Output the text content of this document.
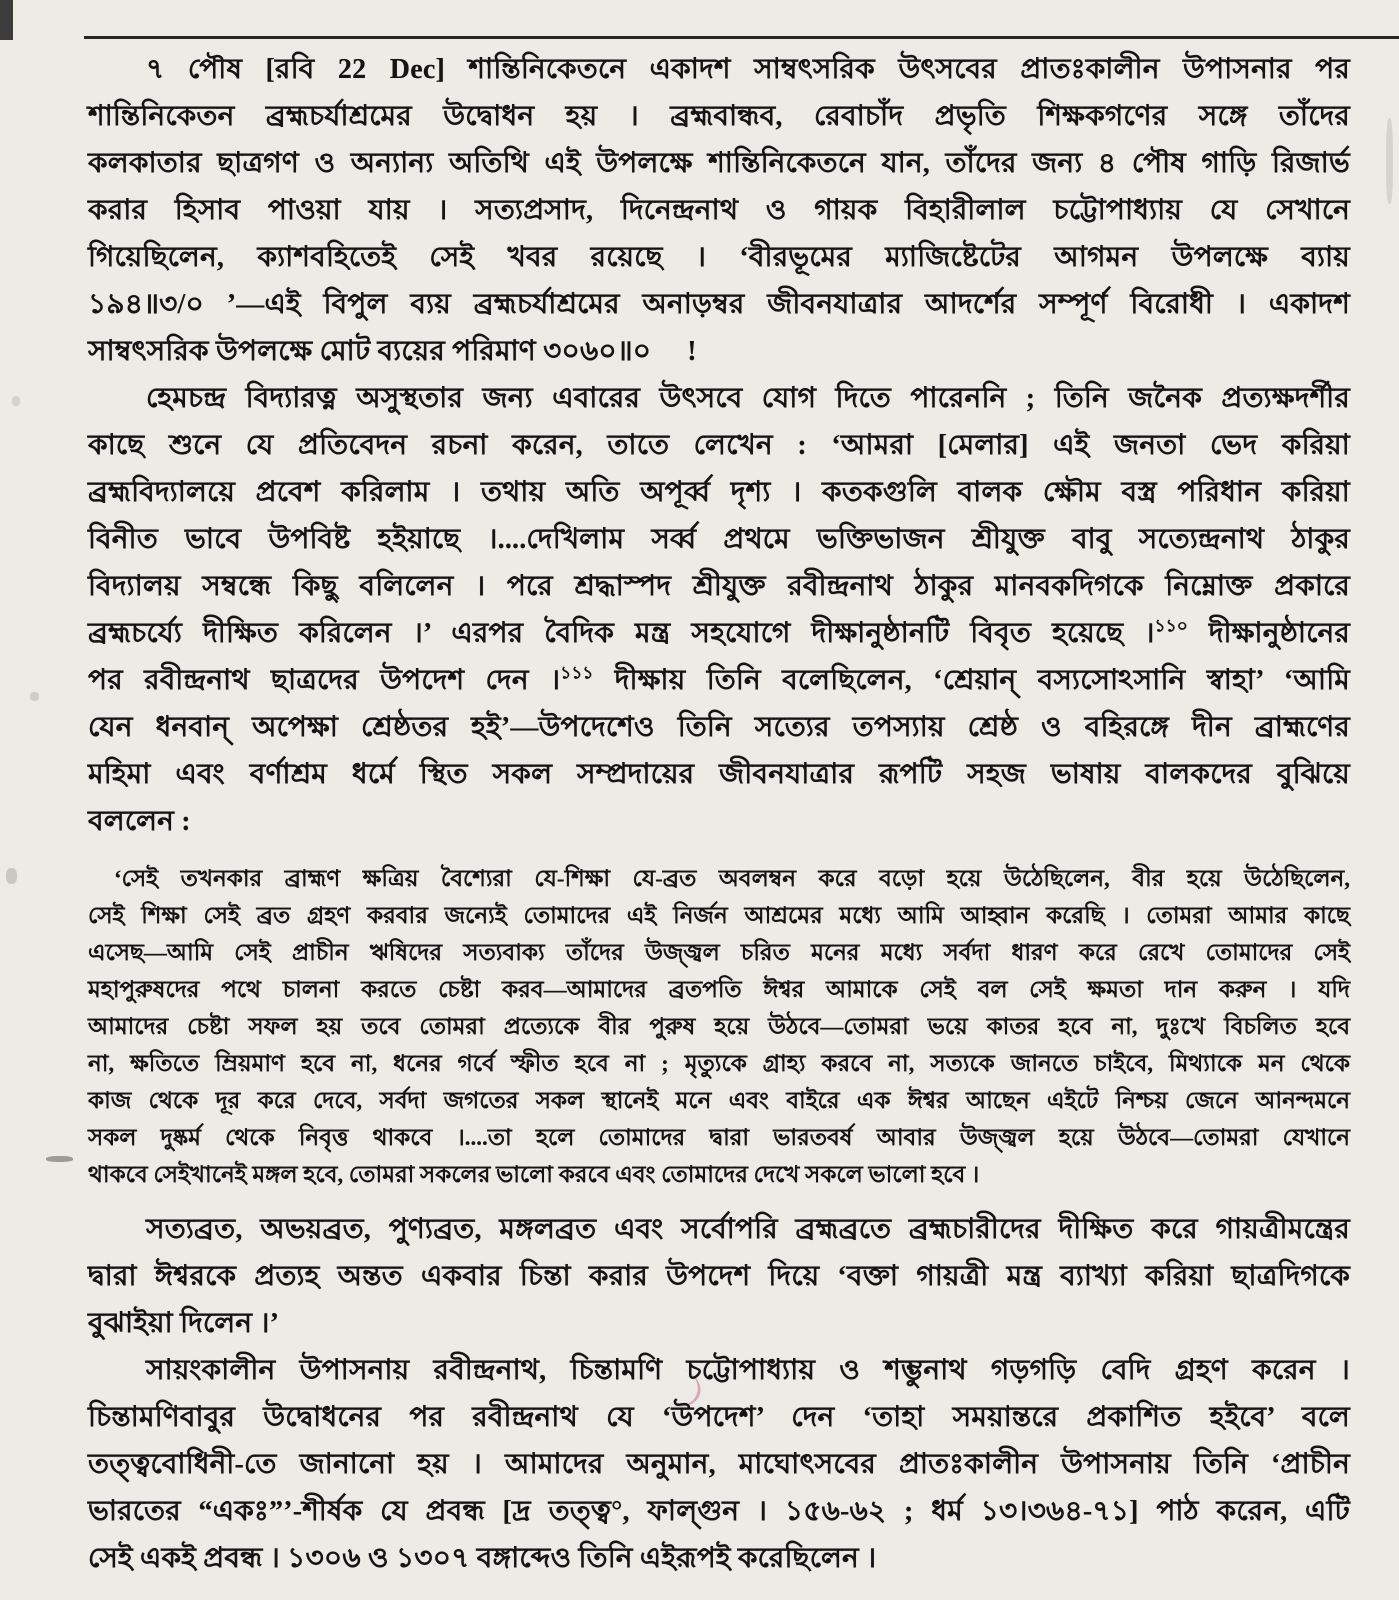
৭ পৌষ [রবি 22 Dec] শান্তিনিকেতনে একাদশ সাম্বৎসরিক উৎসবের প্রাতঃকালীন উপাসনার পর
শান্তিনিকেতন ব্রহ্মচর্যাশ্রমের উদ্বোধন হয় । ব্রহ্মবান্ধব, রেবাচাঁদ প্রভৃতি শিক্ষকগণের সঙ্গে তাঁদের
কলকাতার ছাত্রগণ ও অন্যান্য অতিথি এই উপলক্ষে শান্তিনিকেতনে যান, তাঁদের জন্য ৪ পৌষ গাড়ি রিজার্ভ
করার হিসাব পাওয়া যায় । সত্যপ্রসাদ, দিনেন্দ্রনাথ ও গায়ক বিহারীলাল চট্টোপাধ্যায় যে সেখানে
গিয়েছিলেন, ক্যাশবহিতেই সেই খবর রয়েছে । ‘বীরভূমের ম্যাজিষ্টেটের আগমন উপলক্ষে ব্যায়
১৯৪॥৩/০ ’—এই বিপুল ব্যয় ব্রহ্মচর্যাশ্রমের অনাড়ম্বর জীবনযাত্রার আদর্শের সম্পূর্ণ বিরোধী । একাদশ
সাম্বৎসরিক উপলক্ষে মোট ব্যয়ের পরিমাণ ৩০৬০॥০     !
হেমচন্দ্র বিদ্যারত্ন অসুস্থতার জন্য এবারের উৎসবে যোগ দিতে পারেননি ; তিনি জনৈক প্রত্যক্ষদর্শীর
কাছে শুনে যে প্রতিবেদন রচনা করেন, তাতে লেখেন : ‘আমরা [মেলার] এই জনতা ভেদ করিয়া
ব্রহ্মবিদ্যালয়ে প্রবেশ করিলাম । তথায় অতি অপূর্ব্ব দৃশ্য । কতকগুলি বালক ক্ষৌম বস্ত্র পরিধান করিয়া
বিনীত ভাবে উপবিষ্ট হইয়াছে ।....দেখিলাম সর্ব্ব প্রথমে ভক্তিভাজন শ্রীযুক্ত বাবু সত্যেন্দ্রনাথ ঠাকুর
বিদ্যালয় সম্বন্ধে কিছু বলিলেন । পরে শ্রদ্ধাস্পদ শ্রীযুক্ত রবীন্দ্রনাথ ঠাকুর মানবকদিগকে নিম্নোক্ত প্রকারে
ব্রহ্মচর্য্যে দীক্ষিত করিলেন ।’ এরপর বৈদিক মন্ত্র সহযোগে দীক্ষানুষ্ঠানটি বিবৃত হয়েছে ।$^{১১০}$ দীক্ষানুষ্ঠানের
পর রবীন্দ্রনাথ ছাত্রদের উপদেশ দেন ।$^{১১১}$ দীক্ষায় তিনি বলেছিলেন, ‘শ্রেয়ান্ বস্যসোঽসানি স্বাহা’ ‘আমি
যেন ধনবান্ অপেক্ষা শ্রেষ্ঠতর হই’—উপদেশেও তিনি সত্যের তপস্যায় শ্রেষ্ঠ ও বহিরঙ্গে দীন ব্রাহ্মণের
মহিমা এবং বর্ণাশ্রম ধর্মে স্থিত সকল সম্প্রদায়ের জীবনযাত্রার রূপটি সহজ ভাষায় বালকদের বুঝিয়ে
বললেন :
‘সেই তখনকার ব্রাহ্মণ ক্ষত্রিয় বৈশ্যেরা যে-শিক্ষা যে-ব্রত অবলম্বন করে বড়ো হয়ে উঠেছিলেন, বীর হয়ে উঠেছিলেন,
সেই শিক্ষা সেই ব্রত গ্রহণ করবার জন্যেই তোমাদের এই নির্জন আশ্রমের মধ্যে আমি আহ্বান করেছি । তোমরা আমার কাছে
এসেছ—আমি সেই প্রাচীন ঋষিদের সত্যবাক্য তাঁদের উজ্জ্বল চরিত মনের মধ্যে সর্বদা ধারণ করে রেখে তোমাদের সেই
মহাপুরুষদের পথে চালনা করতে চেষ্টা করব—আমাদের ব্রতপতি ঈশ্বর আমাকে সেই বল সেই ক্ষমতা দান করুন । যদি
আমাদের চেষ্টা সফল হয় তবে তোমরা প্রত্যেকে বীর পুরুষ হয়ে উঠবে—তোমরা ভয়ে কাতর হবে না, দুঃখে বিচলিত হবে
না, ক্ষতিতে ম্রিয়মাণ হবে না, ধনের গর্বে স্ফীত হবে না ; মৃত্যুকে গ্রাহ্য করবে না, সত্যকে জানতে চাইবে, মিথ্যাকে মন থেকে
কাজ থেকে দূর করে দেবে, সর্বদা জগতের সকল স্থানেই মনে এবং বাইরে এক ঈশ্বর আছেন এইটে নিশ্চয় জেনে আনন্দমনে
সকল দুষ্কর্ম থেকে নিবৃত্ত থাকবে ।....তা হলে তোমাদের দ্বারা ভারতবর্ষ আবার উজ্জ্বল হয়ে উঠবে—তোমরা যেখানে
থাকবে সেইখানেই মঙ্গল হবে, তোমরা সকলের ভালো করবে এবং তোমাদের দেখে সকলে ভালো হবে ।
সত্যব্রত, অভয়ব্রত, পুণ্যব্রত, মঙ্গলব্রত এবং সর্বোপরি ব্রহ্মব্রতে ব্রহ্মচারীদের দীক্ষিত করে গায়ত্রীমন্ত্রের
দ্বারা ঈশ্বরকে প্রত্যহ অন্তত একবার চিন্তা করার উপদেশ দিয়ে ‘বক্তা গায়ত্রী মন্ত্র ব্যাখ্যা করিয়া ছাত্রদিগকে
বুঝাইয়া দিলেন ।’
সায়ংকালীন উপাসনায় রবীন্দ্রনাথ, চিন্তামণি চট্টোপাধ্যায় ও শম্ভুনাথ গড়গড়ি বেদি গ্রহণ করেন ।
চিন্তামণিবাবুর উদ্বোধনের পর রবীন্দ্রনাথ যে ‘উপদেশ’ দেন ‘তাহা সময়ান্তরে প্রকাশিত হইবে’ বলে
তত্ত্ববোধিনী-তে জানানো হয় । আমাদের অনুমান, মাঘোৎসবের প্রাতঃকালীন উপাসনায় তিনি ‘প্রাচীন
ভারতের “একঃ”’-শীর্ষক যে প্রবন্ধ [দ্র তত্ত্ব°, ফাল্গুন । ১৫৬-৬২ ; ধর্ম ১৩।৩৬৪-৭১] পাঠ করেন, এটি
সেই একই প্রবন্ধ । ১৩০৬ ও ১৩০৭ বঙ্গাব্দেও তিনি এইরূপই করেছিলেন ।
